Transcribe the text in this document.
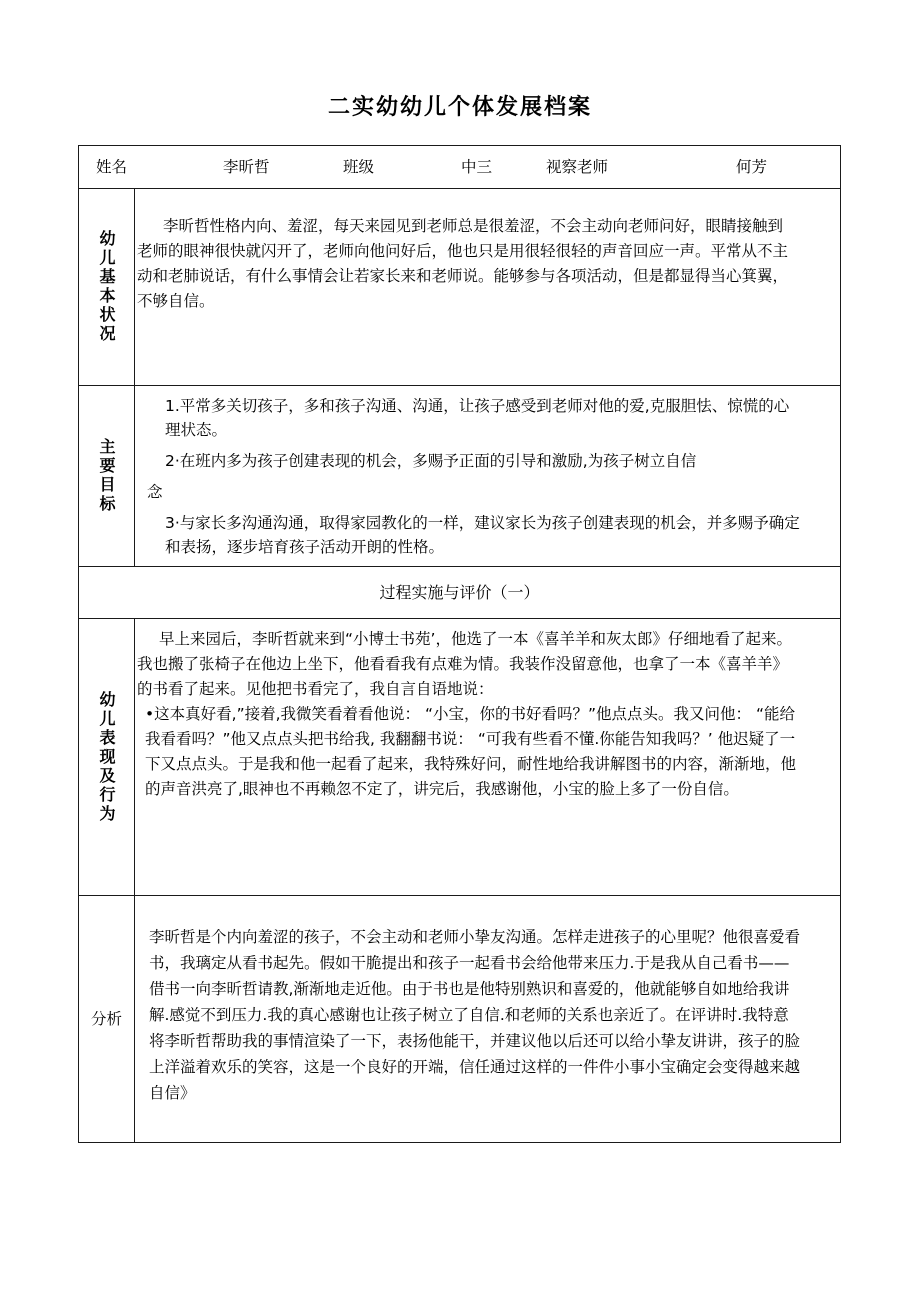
二实幼幼儿个体发展档案
姓名	李昕哲	班级	中三	视察老师	何芳
幼儿基本状况

李昕哲性格内向、羞涩，每天来园见到老师总是很羞涩，不会主动向老师问好，眼睛接触到老师的眼神很快就闪开了，老师向他问好后，他也只是用很轻很轻的声音回应一声。平常从不主动和老肺说话，有什么事情会让若家长来和老师说。能够参与各项活动，但是都显得当心箕翼，不够自信。

主要目标

1.平常多关切孩子，多和孩子沟通、沟通，让孩子感受到老师对他的爱,克服胆怯、惊慌的心理状态。

2·在班内多为孩子创建表现的机会，多赐予正面的引导和激励,为孩子树立自信

念

3·与家长多沟通沟通，取得家园教化的一样，建议家长为孩子创建表现的机会，并多赐予确定和表扬，逐步培育孩子活动开朗的性格。

过程实施与评价（一）
幼儿表现及行为

早上来园后，李昕哲就来到“小博士书苑’，他选了一本《喜羊羊和灰太郎》仔细地看了起来。我也搬了张椅子在他边上坐下，他看看我有点难为情。我装作没留意他，也拿了一本《喜羊羊》的书看了起来。见他把书看完了，我自言自语地说：

•这本真好看,”接着,我微笑看着看他说： “小宝，你的书好看吗？”他点点头。我又问他： “能给我看看吗？”他又点点头把书给我, 我翻翻书说： “可我有些看不懂.你能告知我吗？’ 他迟疑了一下又点点头。于是我和他一起看了起来，我特殊好问，耐性地给我讲解图书的内容，渐渐地，他的声音洪亮了,眼神也不再赖忽不定了，讲完后，我感谢他，小宝的脸上多了一份自信。

分析

李昕哲是个内向羞涩的孩子，不会主动和老师小挚友沟通。怎样走进孩子的心里呢？他很喜爱看书，我璃定从看书起先。假如干脆提出和孩子一起看书会给他带来压力.于是我从自己看书——借书一向李昕哲请教,渐渐地走近他。由于书也是他特别熟识和喜爱的，他就能够自如地给我讲解.感觉不到压力.我的真心感谢也让孩子树立了自信.和老师的关系也亲近了。在评讲时.我特意将李昕哲帮助我的事情渲染了一下，表扬他能干，并建议他以后还可以给小挚友讲讲，孩子的脸上洋溢着欢乐的笑容，这是一个良好的开端，信任通过这样的一件件小事小宝确定会变得越来越自信》
